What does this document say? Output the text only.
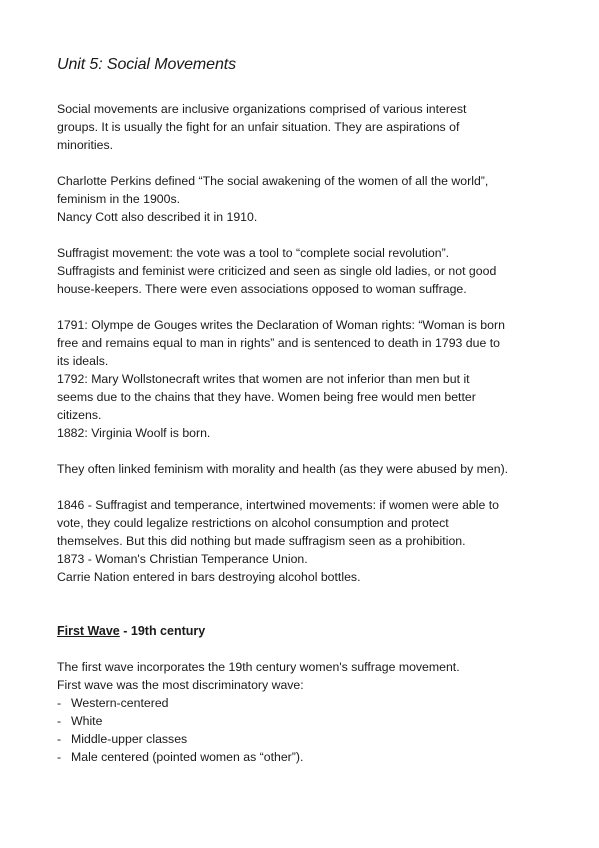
Unit 5: Social Movements
Social movements are inclusive organizations comprised of various interest
groups. It is usually the fight for an unfair situation. They are aspirations of
minorities.
Charlotte Perkins defined “The social awakening of the women of all the world”,
feminism in the 1900s.
Nancy Cott also described it in 1910.
Suffragist movement: the vote was a tool to “complete social revolution”.
Suffragists and feminist were criticized and seen as single old ladies, or not good
house-keepers. There were even associations opposed to woman suffrage.
1791: Olympe de Gouges writes the Declaration of Woman rights: “Woman is born
free and remains equal to man in rights” and is sentenced to death in 1793 due to
its ideals.
1792: Mary Wollstonecraft writes that women are not inferior than men but it
seems due to the chains that they have. Women being free would men better
citizens.
1882: Virginia Woolf is born.
They often linked feminism with morality and health (as they were abused by men).
1846 - Suffragist and temperance, intertwined movements: if women were able to
vote, they could legalize restrictions on alcohol consumption and protect
themselves. But this did nothing but made suffragism seen as a prohibition.
1873 - Woman's Christian Temperance Union.
Carrie Nation entered in bars destroying alcohol bottles.
First Wave - 19th century
The first wave incorporates the 19th century women's suffrage movement.
First wave was the most discriminatory wave:
- Western-centered
- White
- Middle-upper classes
- Male centered (pointed women as “other”).
